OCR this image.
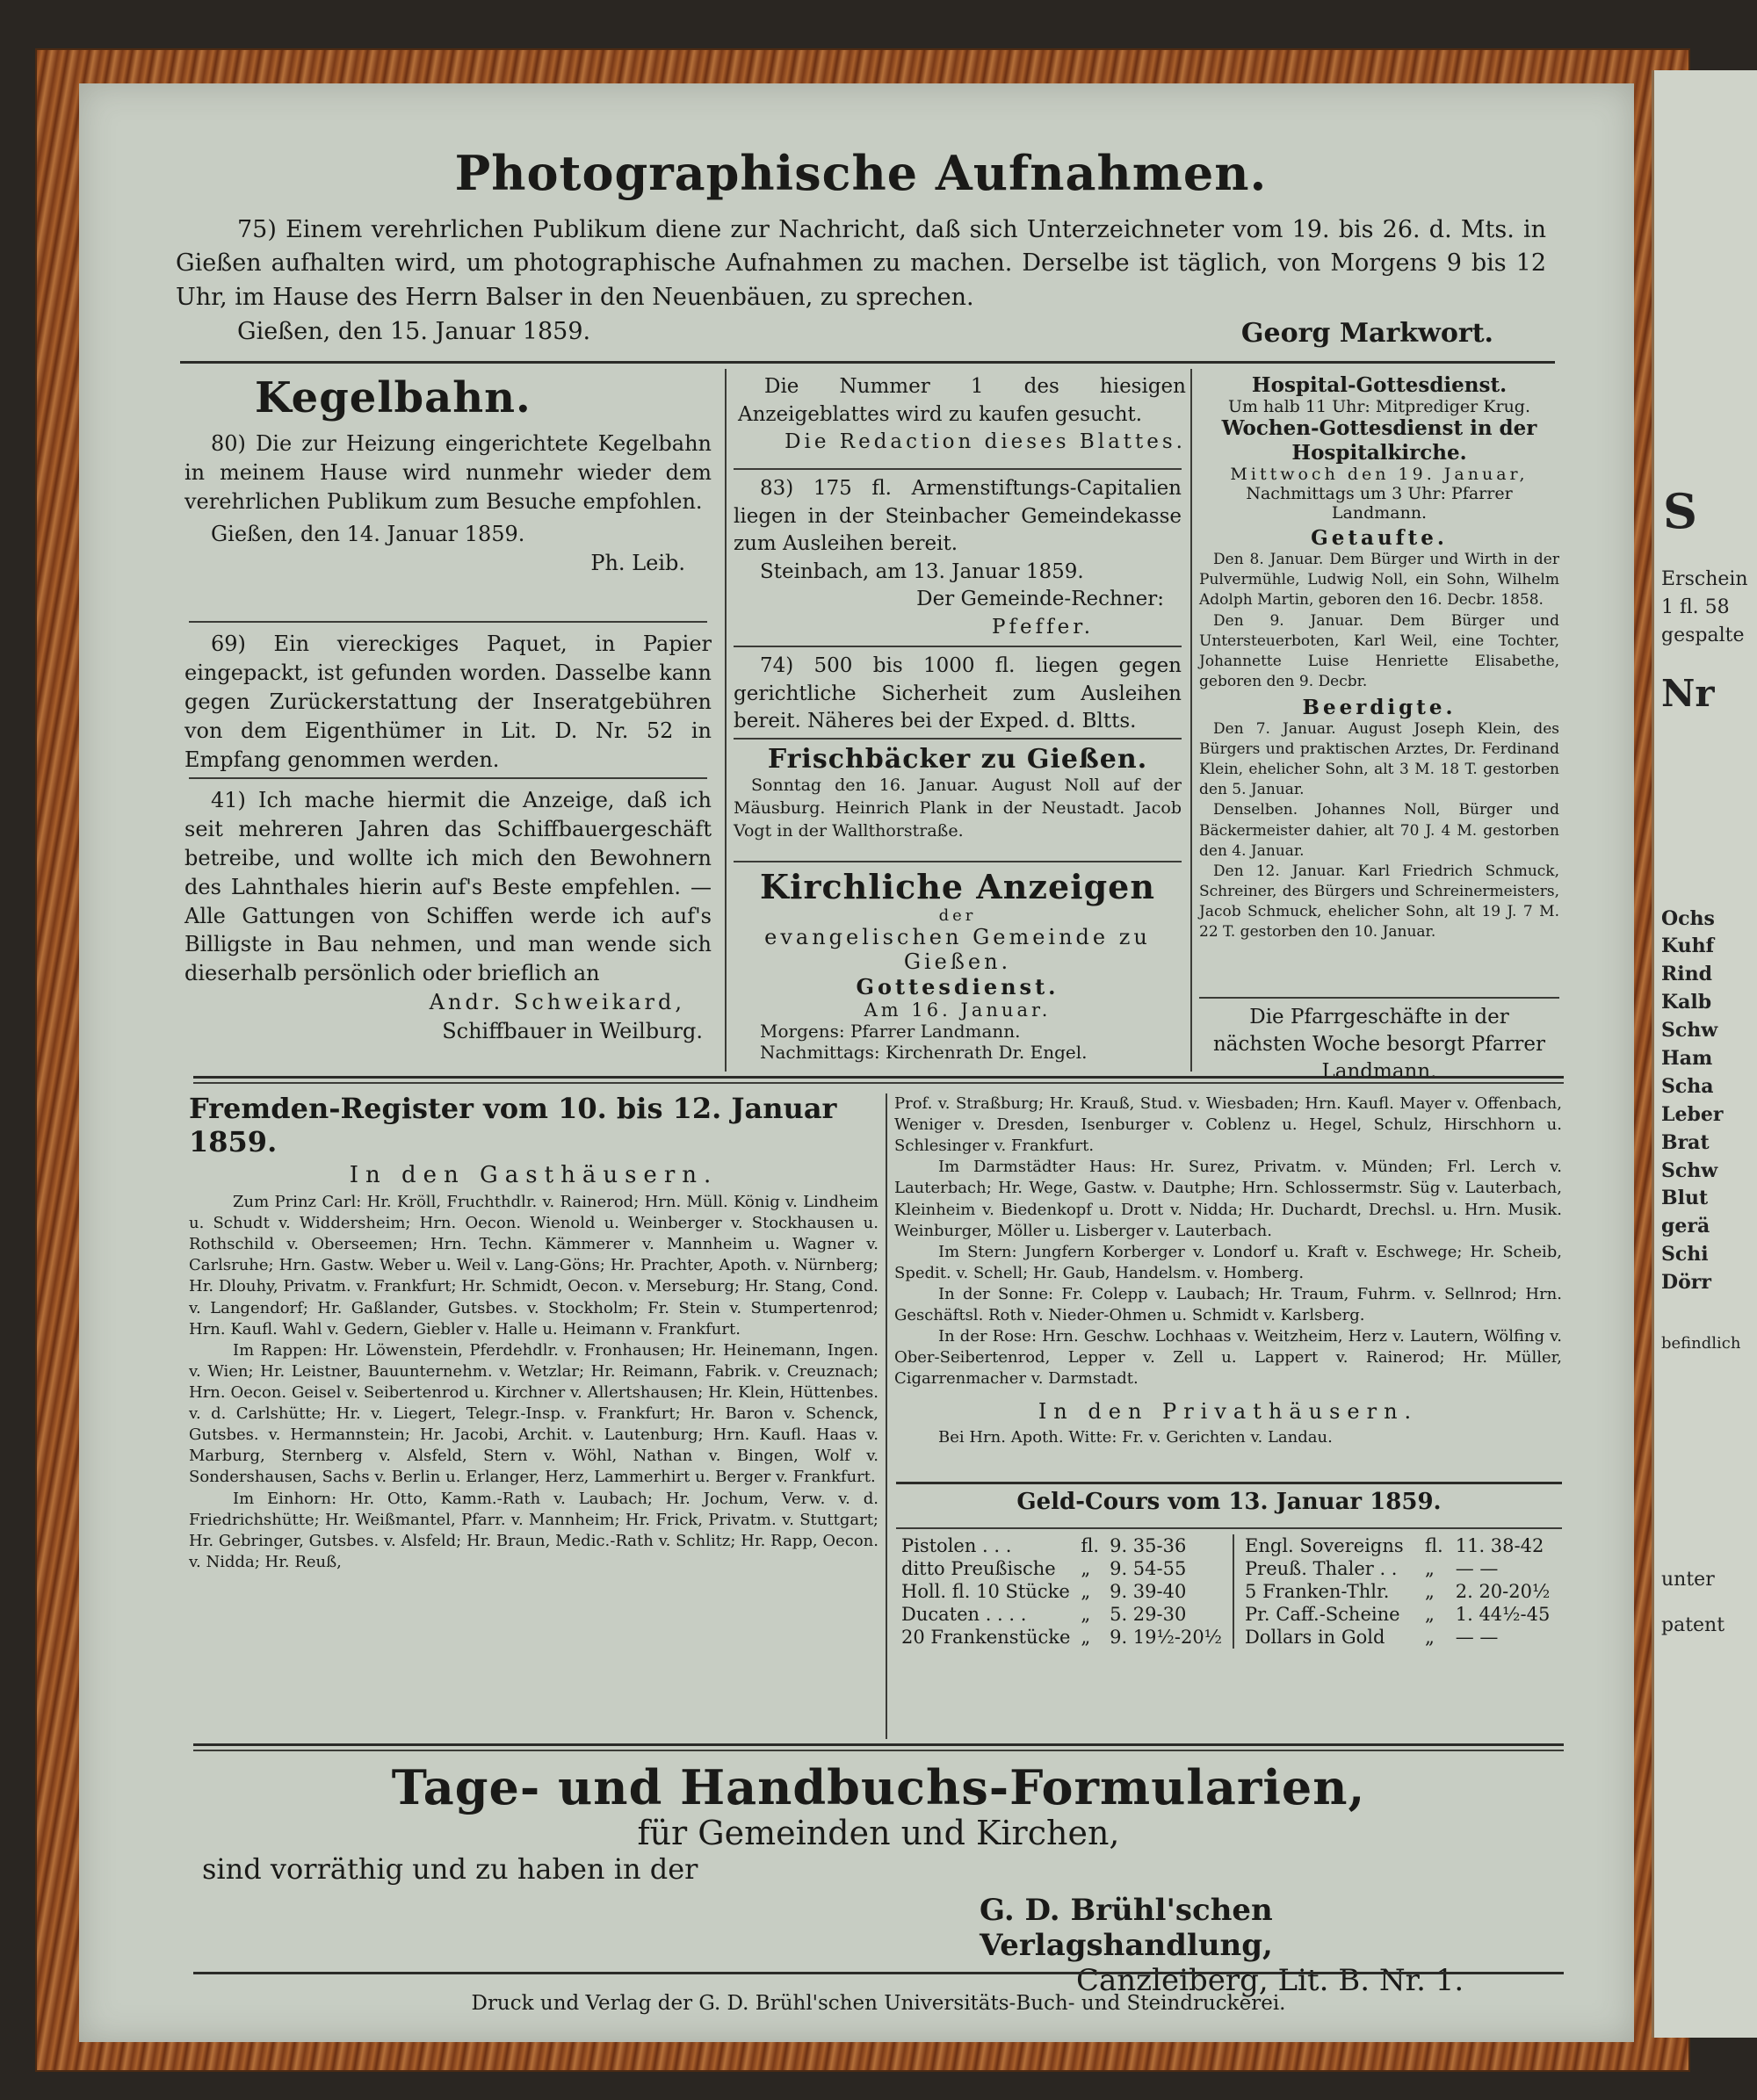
S
Erschein
1 fl. 58
gespalte
Nr
Ochs
Kuhf
Rind
Kalb
Schw
Ham
Scha
Leber
Brat
Schw
Blut
gerä
Schi
Dörr
befindlich
unter
patent
Photographische Aufnahmen.

75) Einem verehrlichen Publikum diene zur Nachricht, daß sich Unterzeichneter vom 19. bis 26. d. Mts. in Gießen aufhalten wird, um photographische Aufnahmen zu machen. Derselbe ist täglich, von Morgens 9 bis 12 Uhr, im Hause des Herrn Balser in den Neuenbäuen, zu sprechen.

Gießen, den 15. Januar 1859.	Georg Markwort.
Kegelbahn.

80) Die zur Heizung eingerichtete Kegelbahn in meinem Hause wird nunmehr wieder dem verehrlichen Publikum zum Besuche empfohlen.

Gießen, den 14. Januar 1859.

Ph. Leib.

69) Ein viereckiges Paquet, in Papier eingepackt, ist gefunden worden. Dasselbe kann gegen Zurückerstattung der Inseratgebühren von dem Eigenthümer in Lit. D. Nr. 52 in Empfang genommen werden.

41) Ich mache hiermit die Anzeige, daß ich seit mehreren Jahren das Schiffbauergeschäft betreibe, und wollte ich mich den Bewohnern des Lahnthales hierin auf's Beste empfehlen. — Alle Gattungen von Schiffen werde ich auf's Billigste in Bau nehmen, und man wende sich dieserhalb persönlich oder brieflich an

Andr. Schweikard,

Schiffbauer in Weilburg.

Die Nummer 1 des hiesigen Anzeigeblattes wird zu kaufen gesucht.

Die Redaction dieses Blattes.

83) 175 fl. Armenstiftungs-Capitalien liegen in der Steinbacher Gemeindekasse zum Ausleihen bereit.

Steinbach, am 13. Januar 1859.

Der Gemeinde-Rechner:

Pfeffer.

74) 500 bis 1000 fl. liegen gegen gerichtliche Sicherheit zum Ausleihen bereit. Näheres bei der Exped. d. Bltts.

Frischbäcker zu Gießen.

Sonntag den 16. Januar. August Noll auf der Mäusburg. Heinrich Plank in der Neustadt. Jacob Vogt in der Wallthorstraße.

Kirchliche Anzeigen
der
evangelischen Gemeinde zu Gießen.
Gottesdienst.
Am 16. Januar.
Morgens: Pfarrer Landmann.
Nachmittags: Kirchenrath Dr. Engel.
Hospital-Gottesdienst.
Um halb 11 Uhr: Mitprediger Krug.
Wochen-Gottesdienst in der Hospitalkirche.
Mittwoch den 19. Januar,
Nachmittags um 3 Uhr: Pfarrer Landmann.
Getaufte.

Den 8. Januar. Dem Bürger und Wirth in der Pulvermühle, Ludwig Noll, ein Sohn, Wilhelm Adolph Martin, geboren den 16. Decbr. 1858.

Den 9. Januar. Dem Bürger und Untersteuerboten, Karl Weil, eine Tochter, Johannette Luise Henriette Elisabethe, geboren den 9. Decbr.

Beerdigte.

Den 7. Januar. August Joseph Klein, des Bürgers und praktischen Arztes, Dr. Ferdinand Klein, ehelicher Sohn, alt 3 M. 18 T. gestorben den 5. Januar.

Denselben. Johannes Noll, Bürger und Bäckermeister dahier, alt 70 J. 4 M. gestorben den 4. Januar.

Den 12. Januar. Karl Friedrich Schmuck, Schreiner, des Bürgers und Schreinermeisters, Jacob Schmuck, ehelicher Sohn, alt 19 J. 7 M. 22 T. gestorben den 10. Januar.

Die Pfarrgeschäfte in der nächsten Woche besorgt Pfarrer Landmann.

Fremden-Register vom 10. bis 12. Januar 1859.
In den Gasthäusern.

Zum Prinz Carl: Hr. Kröll, Fruchthdlr. v. Rainerod; Hrn. Müll. König v. Lindheim u. Schudt v. Widdersheim; Hrn. Oecon. Wienold u. Weinberger v. Stockhausen u. Rothschild v. Oberseemen; Hrn. Techn. Kämmerer v. Mannheim u. Wagner v. Carlsruhe; Hrn. Gastw. Weber u. Weil v. Lang-Göns; Hr. Prachter, Apoth. v. Nürnberg; Hr. Dlouhy, Privatm. v. Frankfurt; Hr. Schmidt, Oecon. v. Merseburg; Hr. Stang, Cond. v. Langendorf; Hr. Gaßlander, Gutsbes. v. Stockholm; Fr. Stein v. Stumpertenrod; Hrn. Kaufl. Wahl v. Gedern, Giebler v. Halle u. Heimann v. Frankfurt.

Im Rappen: Hr. Löwenstein, Pferdehdlr. v. Fronhausen; Hr. Heinemann, Ingen. v. Wien; Hr. Leistner, Bauunternehm. v. Wetzlar; Hr. Reimann, Fabrik. v. Creuznach; Hrn. Oecon. Geisel v. Seibertenrod u. Kirchner v. Allertshausen; Hr. Klein, Hüttenbes. v. d. Carlshütte; Hr. v. Liegert, Telegr.-Insp. v. Frankfurt; Hr. Baron v. Schenck, Gutsbes. v. Hermannstein; Hr. Jacobi, Archit. v. Lautenburg; Hrn. Kaufl. Haas v. Marburg, Sternberg v. Alsfeld, Stern v. Wöhl, Nathan v. Bingen, Wolf v. Sondershausen, Sachs v. Berlin u. Erlanger, Herz, Lammerhirt u. Berger v. Frankfurt.

Im Einhorn: Hr. Otto, Kamm.-Rath v. Laubach; Hr. Jochum, Verw. v. d. Friedrichshütte; Hr. Weißmantel, Pfarr. v. Mannheim; Hr. Frick, Privatm. v. Stuttgart; Hr. Gebringer, Gutsbes. v. Alsfeld; Hr. Braun, Medic.-Rath v. Schlitz; Hr. Rapp, Oecon. v. Nidda; Hr. Reuß,

Prof. v. Straßburg; Hr. Krauß, Stud. v. Wiesbaden; Hrn. Kaufl. Mayer v. Offenbach, Weniger v. Dresden, Isenburger v. Coblenz u. Hegel, Schulz, Hirschhorn u. Schlesinger v. Frankfurt.

Im Darmstädter Haus: Hr. Surez, Privatm. v. Münden; Frl. Lerch v. Lauterbach; Hr. Wege, Gastw. v. Dautphe; Hrn. Schlossermstr. Süg v. Lauterbach, Kleinheim v. Biedenkopf u. Drott v. Nidda; Hr. Duchardt, Drechsl. u. Hrn. Musik. Weinburger, Möller u. Lisberger v. Lauterbach.

Im Stern: Jungfern Korberger v. Londorf u. Kraft v. Eschwege; Hr. Scheib, Spedit. v. Schell; Hr. Gaub, Handelsm. v. Homberg.

In der Sonne: Fr. Colepp v. Laubach; Hr. Traum, Fuhrm. v. Sellnrod; Hrn. Geschäftsl. Roth v. Nieder-Ohmen u. Schmidt v. Karlsberg.

In der Rose: Hrn. Geschw. Lochhaas v. Weitzheim, Herz v. Lautern, Wölfing v. Ober-Seibertenrod, Lepper v. Zell u. Lappert v. Rainerod; Hr. Müller, Cigarrenmacher v. Darmstadt.

In den Privathäusern.

Bei Hrn. Apoth. Witte: Fr. v. Gerichten v. Landau.

Geld-Cours vom 13. Januar 1859.
Pistolen . . .	fl.	9. 35-36
ditto Preußische	„	9. 54-55
Holl. fl. 10 Stücke	„	9. 39-40
Ducaten . . . .	„	5. 29-30
20 Frankenstücke	„	9. 19½-20½
Engl. Sovereigns	fl.	11. 38-42
Preuß. Thaler . .	„	— —
5 Franken-Thlr.	„	2. 20-20½
Pr. Caff.-Scheine	„	1. 44½-45
Dollars in Gold	„	— —
Tage- und Handbuchs-Formularien,
für Gemeinden und Kirchen,
sind vorräthig und zu haben in der
G. D. Brühl'schen Verlagshandlung,
Canzleiberg, Lit. B. Nr. 1.
Druck und Verlag der G. D. Brühl'schen Universitäts-Buch- und Steindruckerei.
